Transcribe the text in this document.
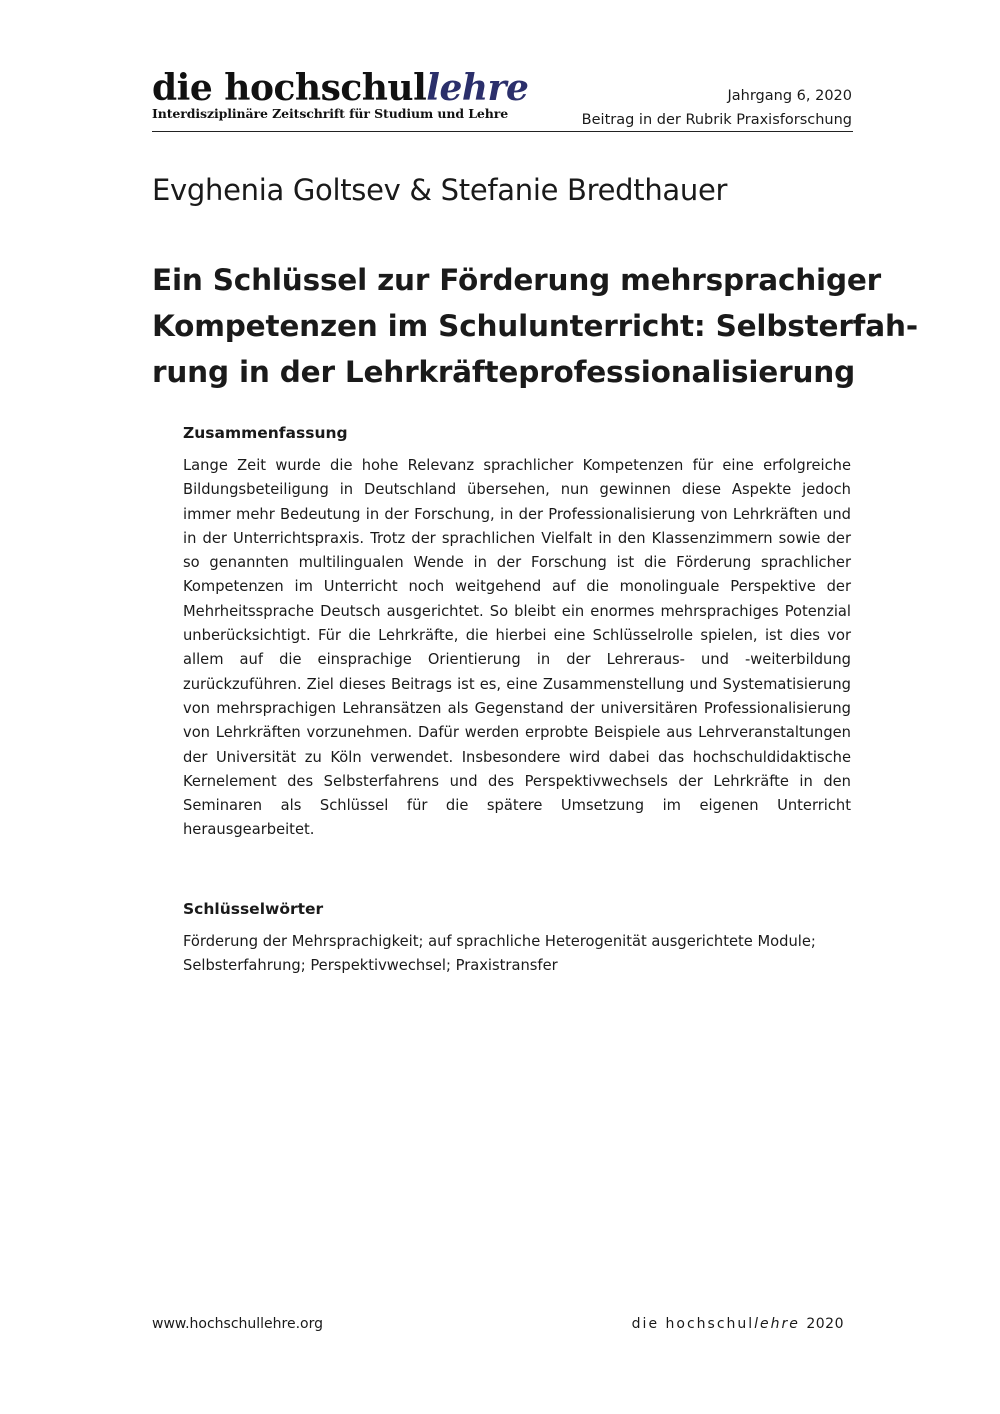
die hochschullehre
Interdisziplinäre Zeitschrift für Studium und Lehre
Jahrgang 6, 2020
Beitrag in der Rubrik Praxisforschung
Evghenia Goltsev & Stefanie Bredthauer
Ein Schlüssel zur Förderung mehrsprachiger
Kompetenzen im Schulunterricht: Selbsterfah-
rung in der Lehrkräfteprofessionalisierung
Zusammenfassung

Lange Zeit wurde die hohe Relevanz sprachlicher Kompetenzen für eine erfolgreiche Bildungsbeteiligung in Deutschland übersehen, nun gewinnen diese Aspekte jedoch immer mehr Bedeutung in der Forschung, in der Professionalisierung von Lehrkräften und in der Unterrichtspraxis. Trotz der sprachlichen Vielfalt in den Klassenzimmern sowie der so genannten multilingualen Wende in der Forschung ist die Förderung sprachlicher Kompetenzen im Unterricht noch weitgehend auf die monolinguale Perspektive der Mehrheitssprache Deutsch ausgerichtet. So bleibt ein enormes mehrsprachiges Potenzial unberücksichtigt. Für die Lehrkräfte, die hierbei eine Schlüsselrolle spielen, ist dies vor allem auf die einsprachige Orientierung in der Lehreraus- und -weiterbildung zurückzuführen. Ziel dieses Beitrags ist es, eine Zusammenstellung und Systematisierung von mehrsprachigen Lehransätzen als Gegenstand der universitären Professionalisierung von Lehrkräften vorzunehmen. Dafür werden erprobte Beispiele aus Lehrveranstaltungen der Universität zu Köln verwendet. Insbesondere wird dabei das hochschuldidaktische Kernelement des Selbsterfahrens und des Perspektivwechsels der Lehrkräfte in den Seminaren als Schlüssel für die spätere Umsetzung im eigenen Unterricht herausgearbeitet.

Schlüsselwörter

Förderung der Mehrsprachigkeit; auf sprachliche Heterogenität ausgerichtete Module;
Selbsterfahrung; Perspektivwechsel; Praxistransfer

www.hochschullehre.org	die hochschullehre 2020
